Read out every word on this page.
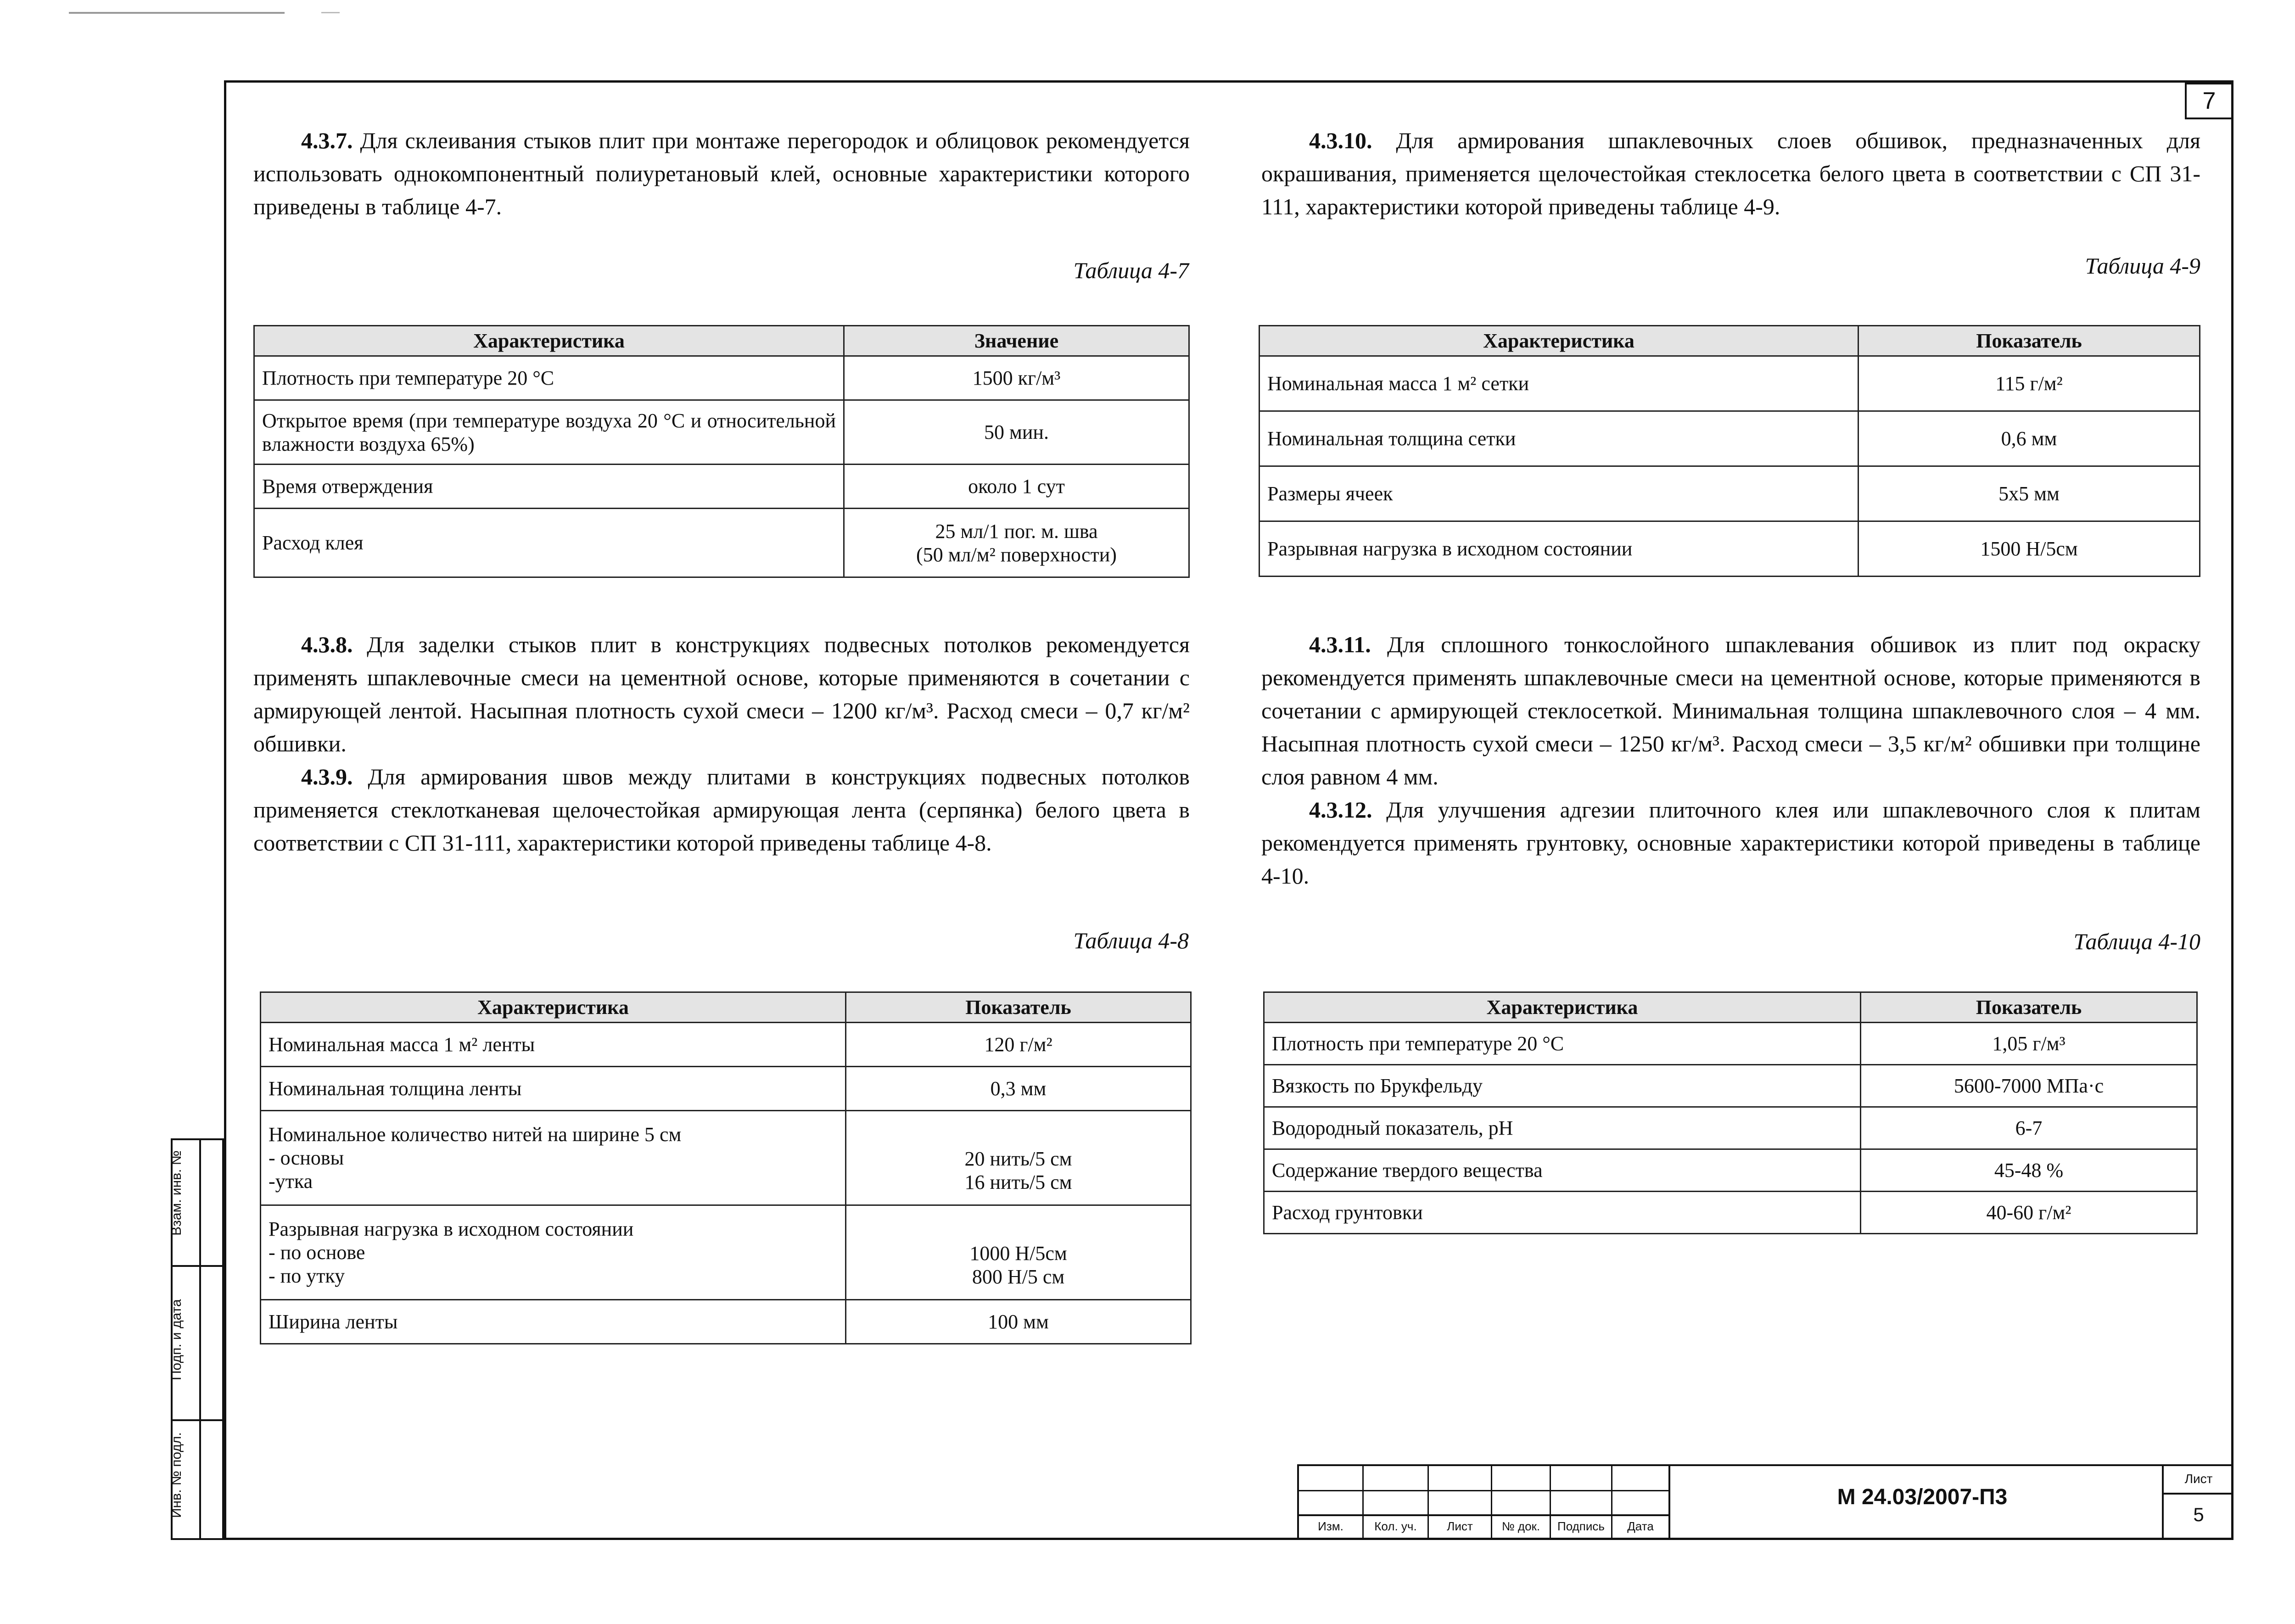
7
Взам. инв. №
Подп. и дата
Инв. № подл.
4.3.7. Для склеивания стыков плит при монтаже перегородок и облицовок рекомендуется использовать однокомпонентный полиуретановый клей, основные характеристики которого приведены в таблице 4-7.
Таблица 4-7
Характеристика	Значение
Плотность при температуре 20 °С	1500 кг/м³
Открытое время (при температуре воздуха 20 °С и относительной влажности воздуха 65%)	50 мин.
Время отверждения	около 1 сут
Расход клея	25 мл/1 пог. м. шва
(50 мл/м² поверхности)
4.3.8. Для заделки стыков плит в конструкциях подвесных потолков рекомендуется применять шпаклевочные смеси на цементной основе, которые применяются в сочетании с армирующей лентой. Насыпная плотность сухой смеси – 1200 кг/м³. Расход смеси – 0,7 кг/м² обшивки.
4.3.9. Для армирования швов между плитами в конструкциях подвесных потолков применяется стеклотканевая щелочестойкая армирующая лента (серпянка) белого цвета в соответствии с СП 31-111, характеристики которой приведены таблице 4-8.
Таблица 4-8
Характеристика	Показатель
Номинальная масса 1 м² ленты	120 г/м²
Номинальная толщина ленты	0,3 мм

Номинальное количество нитей на ширине 5 см
- основы
-утка	20 нить/5 см
16 нить/5 см

Разрывная нагрузка в исходном состоянии
- по основе
- по утку	1000 Н/5см
800 Н/5 см

Ширина ленты	100 мм
4.3.10. Для армирования шпаклевочных слоев обшивок, предназначенных для окрашивания, применяется щелочестойкая стеклосетка белого цвета в соответствии с СП 31-111, характеристики которой приведены таблице 4-9.
Таблица 4-9
Характеристика	Показатель
Номинальная масса 1 м² сетки	115 г/м²
Номинальная толщина сетки	0,6 мм
Размеры ячеек	5х5 мм
Разрывная нагрузка в исходном состоянии	1500 Н/5см
4.3.11. Для сплошного тонкослойного шпаклевания обшивок из плит под окраску рекомендуется применять шпаклевочные смеси на цементной основе, которые применяются в сочетании с армирующей стеклосеткой. Минимальная толщина шпаклевочного слоя – 4 мм. Насыпная плотность сухой смеси – 1250 кг/м³. Расход смеси – 3,5 кг/м² обшивки при толщине слоя равном 4 мм.
4.3.12. Для улучшения адгезии плиточного клея или шпаклевочного слоя к плитам рекомендуется применять грунтовку, основные характеристики которой приведены в таблице 4-10.
Таблица 4-10
Характеристика	Показатель
Плотность при температуре 20 °С	1,05 г/м³
Вязкость по Брукфельду	5600-7000 МПа·с
Водородный показатель, pH	6-7
Содержание твердого вещества	45-48 %
Расход грунтовки	40-60 г/м²
Изм.	Кол. уч.	Лист	№ док.	Подпись	Дата
М 24.03/2007-П3
Лист
5
